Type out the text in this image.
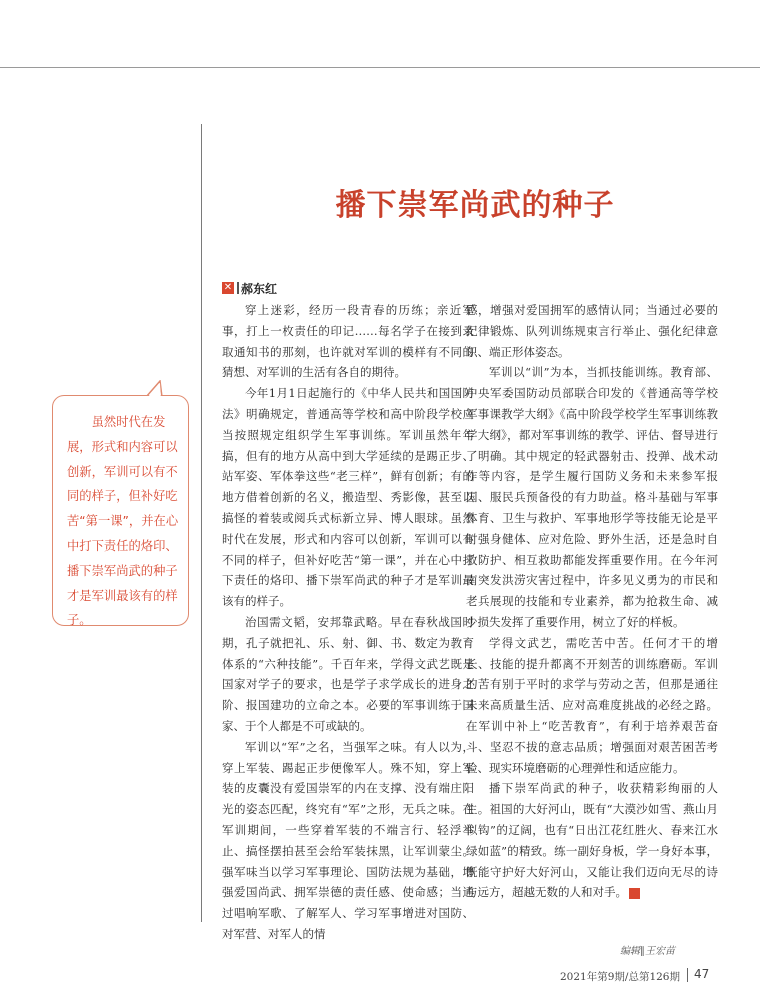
播下崇军尚武的种子
✕ 郝东红

穿上迷彩，经历一段青春的历练；亲近军事，打上一枚责任的印记……每名学子在接到录取通知书的那刻，也许就对军训的模样有不同的猜想、对军训的生活有各自的期待。

今年1月1日起施行的《中华人民共和国国防法》明确规定，普通高等学校和高中阶段学校应当按照规定组织学生军事训练。军训虽然年年搞，但有的地方从高中到大学延续的是踢正步、站军姿、军体拳这些“老三样”，鲜有创新；有的地方借着创新的名义，搬造型、秀影像，甚至以搞怪的着装或阅兵式标新立异、博人眼球。虽然时代在发展，形式和内容可以创新，军训可以有不同的样子，但补好吃苦“第一课”，并在心中打下责任的烙印、播下崇军尚武的种子才是军训最该有的样子。

治国需文韬，安邦靠武略。早在春秋战国时期，孔子就把礼、乐、射、御、书、数定为教育体系的“六种技能”。千百年来，学得文武艺既是国家对学子的要求，也是学子求学成长的进身之阶、报国建功的立命之本。必要的军事训练于国家、于个人都是不可或缺的。

军训以“军”之名，当强军之味。有人以为，穿上军装、踢起正步便像军人。殊不知，穿上军装的皮囊没有爱国崇军的内在支撑、没有端庄阳光的姿态匹配，终究有“军”之形，无兵之味。在军训期间，一些穿着军装的不端言行、轻浮举止、搞怪摆拍甚至会给军装抹黑，让军训蒙尘。强军味当以学习军事理论、国防法规为基础，增强爱国尚武、拥军崇德的责任感、使命感；当通过唱响军歌、了解军人、学习军事增进对国防、对军营、对军人的情

感，增强对爱国拥军的感情认同；当通过必要的纪律锻炼、队列训练规束言行举止、强化纪律意识、端正形体姿态。

军训以“训”为本，当抓技能训练。教育部、中央军委国防动员部联合印发的《普通高等学校军事课教学大纲》《高中阶段学校学生军事训练教学大纲》，都对军事训练的教学、评估、督导进行了明确。其中规定的轻武器射击、投弹、战术动作等内容，是学生履行国防义务和未来参军报国、服民兵预备役的有力助益。格斗基础与军事体育、卫生与救护、军事地形学等技能无论是平时强身健体、应对危险、野外生活，还是急时自救防护、相互救助都能发挥重要作用。在今年河南突发洪涝灾害过程中，许多见义勇为的市民和老兵展现的技能和专业素养，都为抢救生命、减少损失发挥了重要作用，树立了好的样板。

学得文武艺，需吃苦中苦。任何才干的增长、技能的提升都离不开刻苦的训练磨砺。军训的苦有别于平时的求学与劳动之苦，但那是通往未来高质量生活、应对高难度挑战的必经之路。在军训中补上“吃苦教育”，有利于培养艰苦奋斗、坚忍不拔的意志品质；增强面对艰苦困苦考验、现实环境磨砺的心理弹性和适应能力。

播下崇军尚武的种子，收获精彩绚丽的人生。祖国的大好河山，既有“大漠沙如雪、燕山月似钩”的辽阔，也有“日出江花红胜火、春来江水绿如蓝”的精致。练一副好身板，学一身好本事，既能守护好大好河山，又能让我们迈向无尽的诗与远方，超越无数的人和对手。	G

虽然时代在发展，形式和内容可以创新，军训可以有不同的样子，但补好吃苦“第一课”，并在心中打下责任的烙印、播下崇军尚武的种子才是军训最该有的样子。
编辑∥王宏苗
2021年第9期/总第126期 47
